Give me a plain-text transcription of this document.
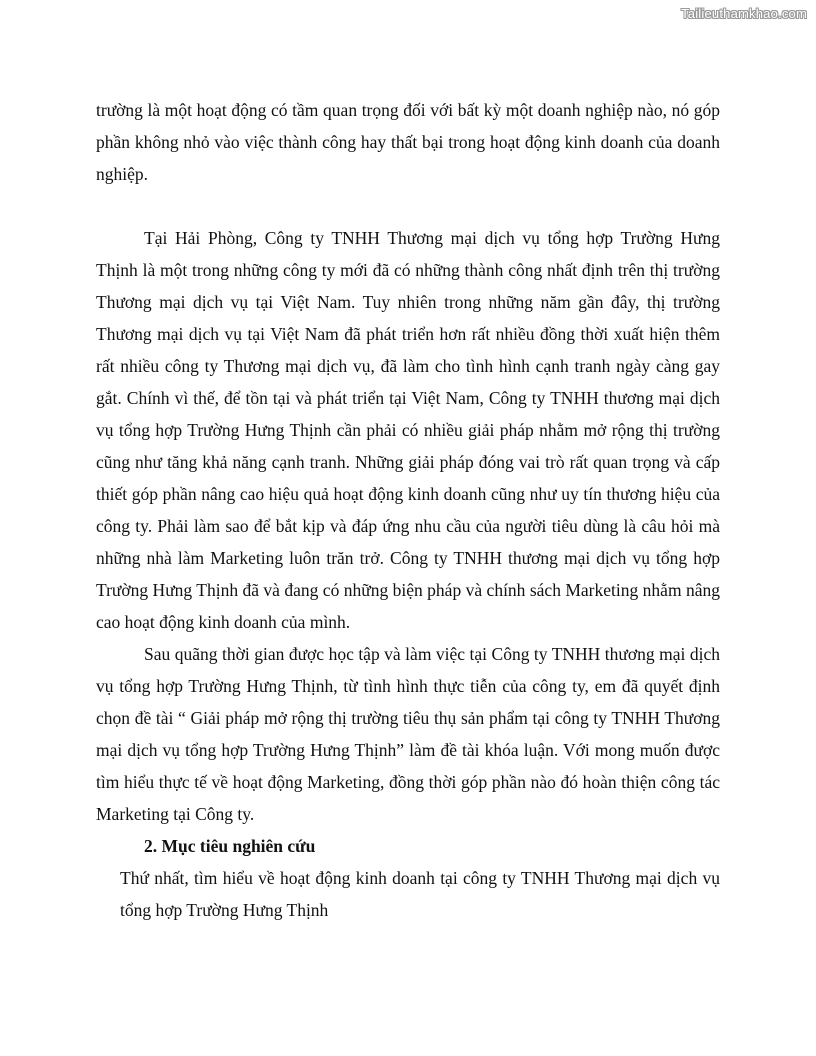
Tailieuthamkhao.com

trường là một hoạt động có tầm quan trọng đối với bất kỳ một doanh nghiệp nào, nó góp phần không nhỏ vào việc thành công hay thất bại trong hoạt động kinh doanh của doanh nghiệp.

Tại Hải Phòng, Công ty TNHH Thương mại dịch vụ tổng hợp Trường Hưng Thịnh là một trong những công ty mới đã có những thành công nhất định trên thị trường Thương mại dịch vụ tại Việt Nam. Tuy nhiên trong những năm gần đây, thị trường Thương mại dịch vụ tại Việt Nam đã phát triển hơn rất nhiều đồng thời xuất hiện thêm rất nhiều công ty Thương mại dịch vụ, đã làm cho tình hình cạnh tranh ngày càng gay gắt. Chính vì thế, để tồn tại và phát triển tại Việt Nam, Công ty TNHH thương mại dịch vụ tổng hợp Trường Hưng Thịnh cần phải có nhiều giải pháp nhằm mở rộng thị trường cũng như tăng khả năng cạnh tranh. Những giải pháp đóng vai trò rất quan trọng và cấp thiết góp phần nâng cao hiệu quả hoạt động kinh doanh cũng như uy tín thương hiệu của công ty. Phải làm sao để bắt kịp và đáp ứng nhu cầu của người tiêu dùng là câu hỏi mà những nhà làm Marketing luôn trăn trở. Công ty TNHH thương mại dịch vụ tổng hợp Trường Hưng Thịnh đã và đang có những biện pháp và chính sách Marketing nhằm nâng cao hoạt động kinh doanh của mình.

Sau quãng thời gian được học tập và làm việc tại Công ty TNHH thương mại dịch vụ tổng hợp Trường Hưng Thịnh, từ tình hình thực tiễn của công ty, em đã quyết định chọn đề tài “ Giải pháp mở rộng thị trường tiêu thụ sản phẩm tại công ty TNHH Thương mại dịch vụ tổng hợp Trường Hưng Thịnh” làm đề tài khóa luận. Với mong muốn được tìm hiểu thực tế về hoạt động Marketing, đồng thời góp phần nào đó hoàn thiện công tác Marketing tại Công ty.

2. Mục tiêu nghiên cứu

Thứ nhất, tìm hiểu về hoạt động kinh doanh tại công ty TNHH Thương mại dịch vụ tổng hợp Trường Hưng Thịnh
